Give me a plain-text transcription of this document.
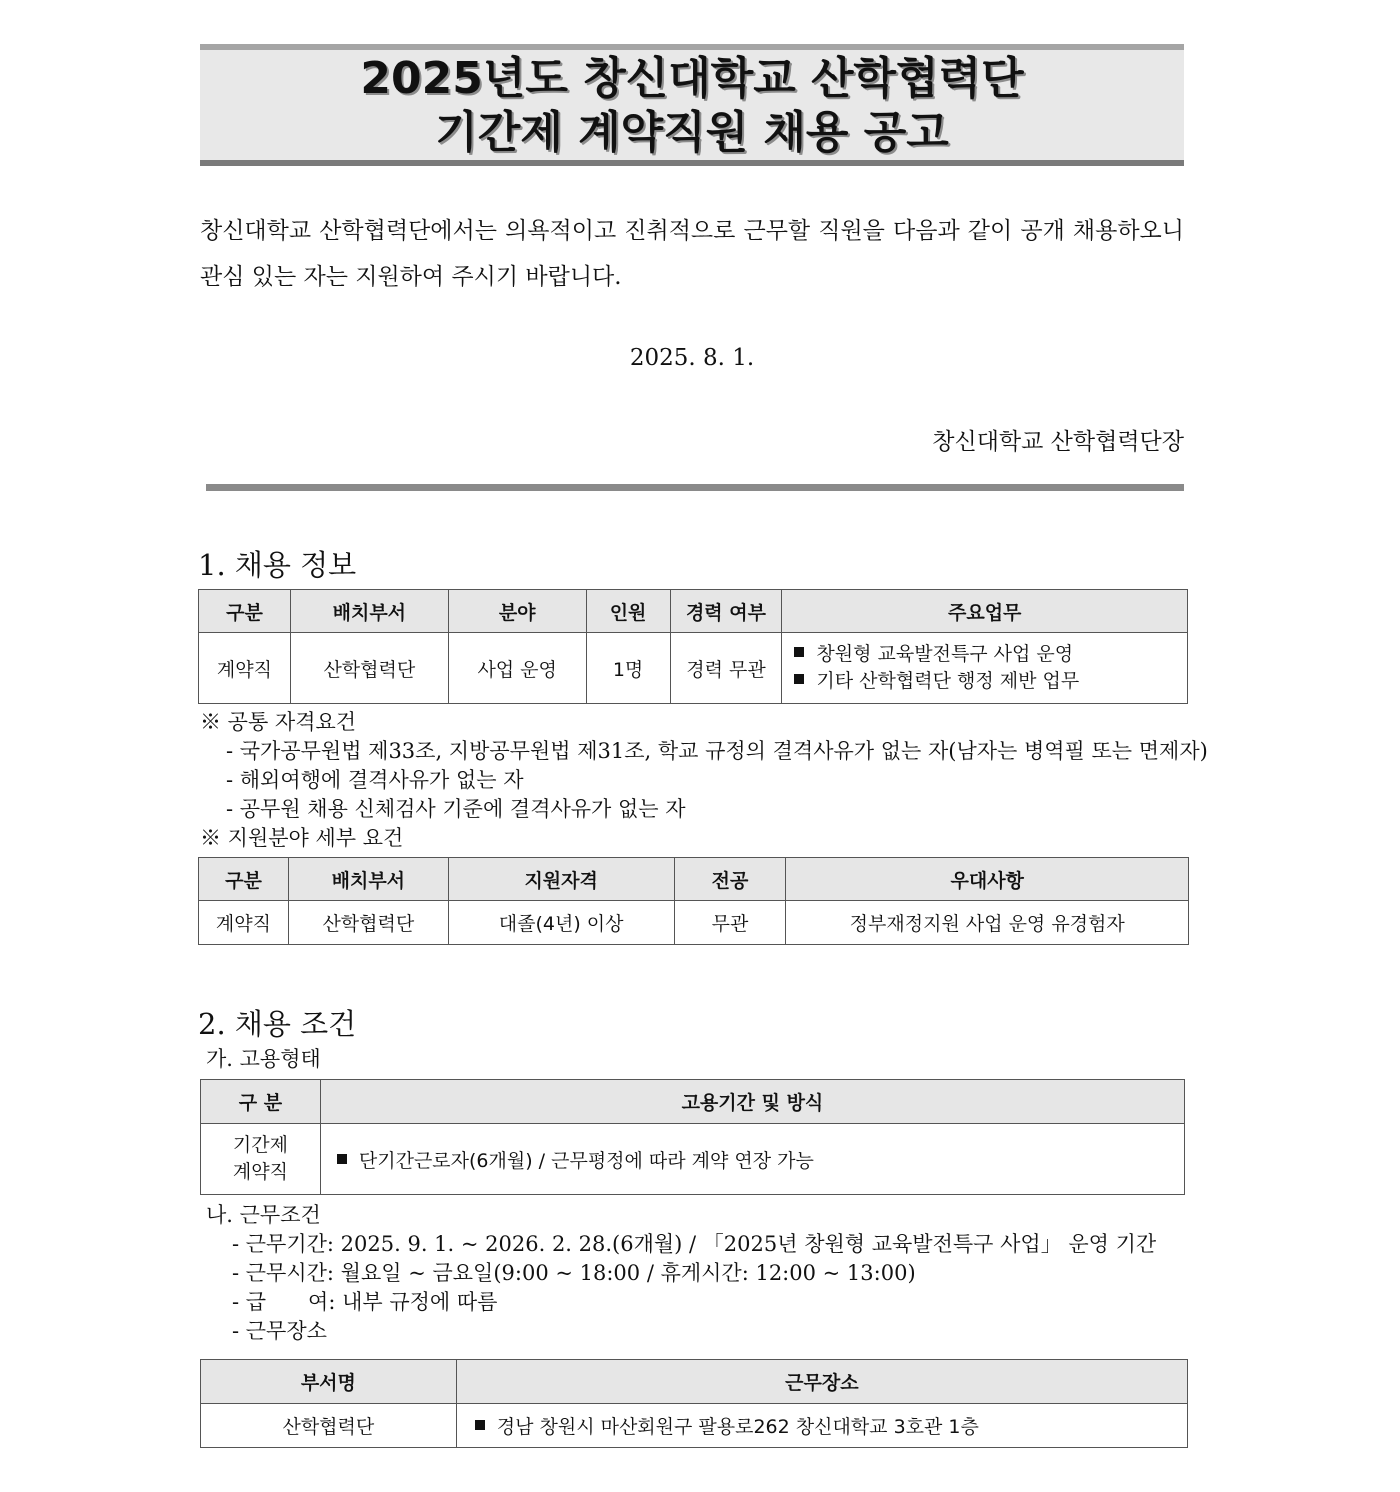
2025년도 창신대학교 산학협력단
기간제 계약직원 채용 공고

창신대학교 산학협력단에서는 의욕적이고 진취적으로 근무할 직원을 다음과 같이 공개 채용하오니 관심 있는 자는 지원하여 주시기 바랍니다.

2025. 8. 1.
창신대학교 산학협력단장
1. 채용 정보
구분	배치부서	분야	인원	경력 여부	주요업무
계약직	산학협력단	사업 운영	1명	경력 무관	창원형 교육발전특구 사업 운영
기타 산학협력단 행정 제반 업무
※ 공통 자격요건
- 국가공무원법 제33조, 지방공무원법 제31조, 학교 규정의 결격사유가 없는 자(남자는 병역필 또는 면제자)
- 해외여행에 결격사유가 없는 자
- 공무원 채용 신체검사 기준에 결격사유가 없는 자
※ 지원분야 세부 요건
구분	배치부서	지원자격	전공	우대사항
계약직	산학협력단	대졸(4년) 이상	무관	정부재정지원 사업 운영 유경험자
2. 채용 조건
가. 고용형태
구 분	고용기간 및 방식

기간제
계약직	단기간근로자(6개월) / 근무평정에 따라 계약 연장 가능
나. 근무조건
- 근무기간: 2025. 9. 1. ~ 2026. 2. 28.(6개월) / 「2025년 창원형 교육발전특구 사업」 운영 기간
- 근무시간: 월요일 ~ 금요일(9:00 ~ 18:00 / 휴게시간: 12:00 ~ 13:00)
- 급　　여: 내부 규정에 따름
- 근무장소
부서명	근무장소
산학협력단	경남 창원시 마산회원구 팔용로262 창신대학교 3호관 1층
